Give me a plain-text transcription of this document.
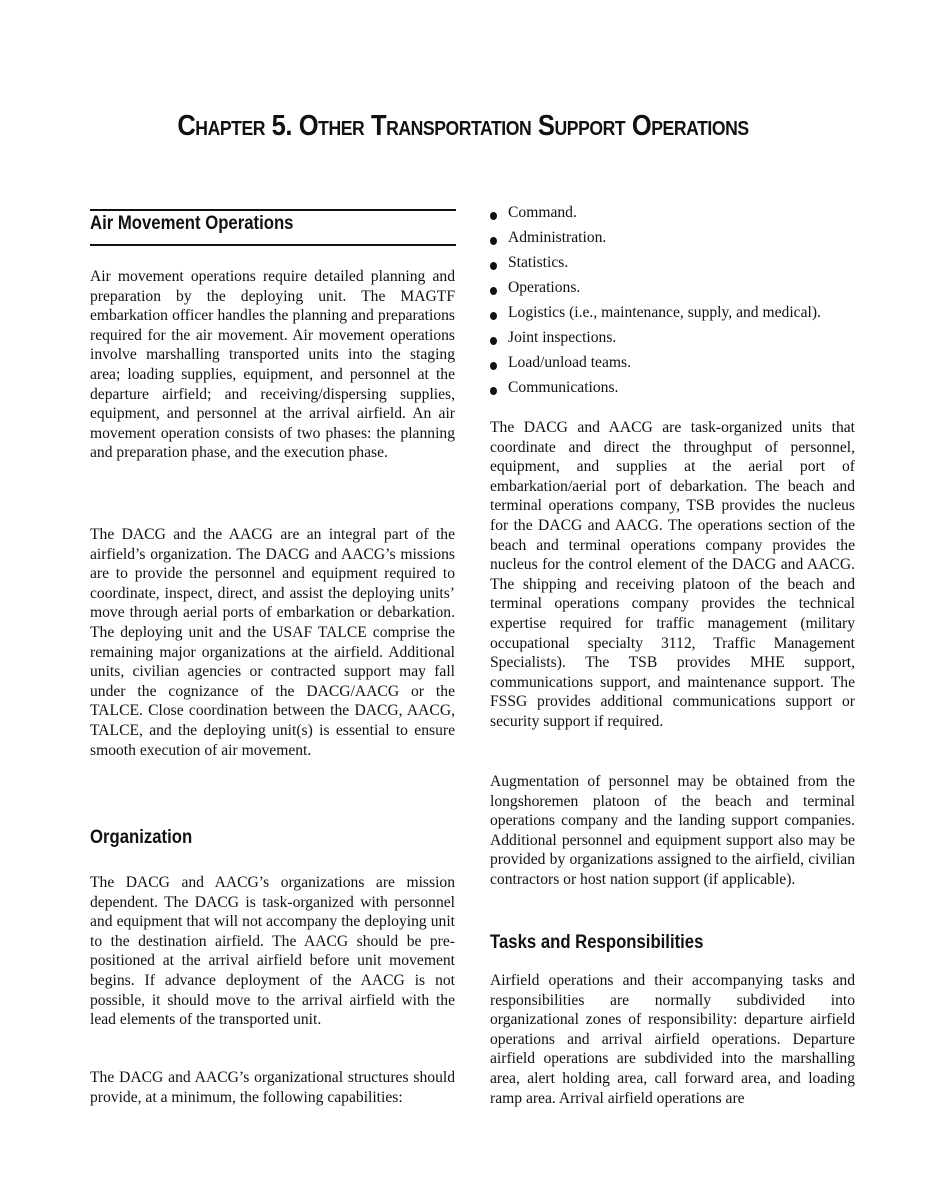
Chapter 5. Other Transportation Support Operations
Air Movement Operations

Air movement operations require detailed planning and preparation by the deploying unit. The MAGTF embarkation officer handles the planning and preparations required for the air movement. Air movement operations involve marshalling transported units into the staging area; loading supplies, equipment, and personnel at the departure airfield; and receiving/dispersing supplies, equipment, and personnel at the arrival airfield. An air movement operation consists of two phases: the planning and preparation phase, and the execution phase.

The DACG and the AACG are an integral part of the airfield’s organization. The DACG and AACG’s missions are to provide the personnel and equipment required to coordinate, inspect, direct, and assist the deploying units’ move through aerial ports of embarkation or debarkation. The deploying unit and the USAF TALCE comprise the remaining major organizations at the airfield. Additional units, civilian agencies or contracted support may fall under the cognizance of the DACG/AACG or the TALCE. Close coordination between the DACG, AACG, TALCE, and the deploying unit(s) is essential to ensure smooth execution of air movement.

Organization

The DACG and AACG’s organizations are mission dependent. The DACG is task-organized with personnel and equipment that will not accompany the deploying unit to the destination airfield. The AACG should be pre-positioned at the arrival airfield before unit movement begins. If advance deployment of the AACG is not possible, it should move to the arrival airfield with the lead elements of the transported unit.

The DACG and AACG’s organizational structures should provide, at a minimum, the following capabilities:

Command.
Administration.
Statistics.
Operations.
Logistics (i.e., maintenance, supply, and medical).
Joint inspections.
Load/unload teams.
Communications.

The DACG and AACG are task-organized units that coordinate and direct the throughput of personnel, equipment, and supplies at the aerial port of embarkation/aerial port of debarkation. The beach and terminal operations company, TSB provides the nucleus for the DACG and AACG. The operations section of the beach and terminal operations company provides the nucleus for the control element of the DACG and AACG. The shipping and receiving platoon of the beach and terminal operations company provides the technical expertise required for traffic management (military occupational specialty 3112, Traffic Management Specialists). The TSB provides MHE support, communications support, and maintenance support. The FSSG provides additional communications support or security support if required.

Augmentation of personnel may be obtained from the longshoremen platoon of the beach and terminal operations company and the landing support companies. Additional personnel and equipment support also may be provided by organizations assigned to the airfield, civilian contractors or host nation support (if applicable).

Tasks and Responsibilities

Airfield operations and their accompanying tasks and responsibilities are normally subdivided into organizational zones of responsibility: departure airfield operations and arrival airfield operations. Departure airfield operations are subdivided into the marshalling area, alert holding area, call forward area, and loading ramp area. Arrival airfield operations are
